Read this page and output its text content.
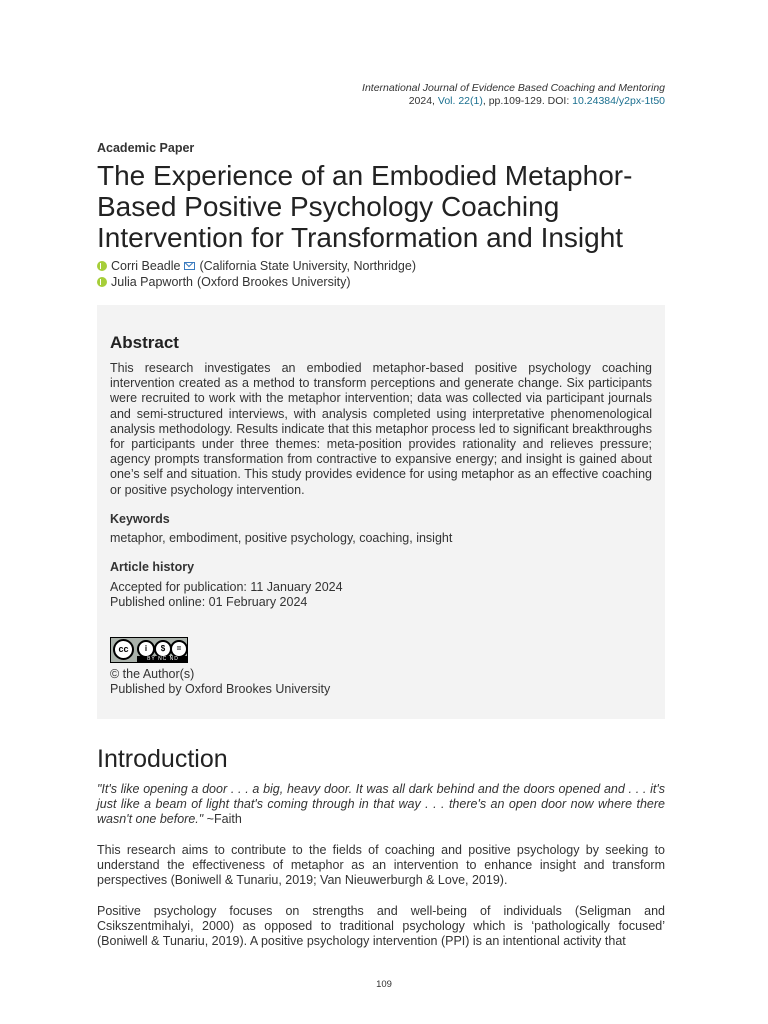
International Journal of Evidence Based Coaching and Mentoring
2024, Vol. 22(1), pp.109-129. DOI: 10.24384/y2px-1t50
Academic Paper
The Experience of an Embodied Metaphor-Based Positive Psychology Coaching Intervention for Transformation and Insight
Corri Beadle (California State University, Northridge)
Julia Papworth (Oxford Brookes University)
Abstract

This research investigates an embodied metaphor-based positive psychology coaching intervention created as a method to transform perceptions and generate change. Six participants were recruited to work with the metaphor intervention; data was collected via participant journals and semi-structured interviews, with analysis completed using interpretative phenomenological analysis methodology. Results indicate that this metaphor process led to significant breakthroughs for participants under three themes: meta-position provides rationality and relieves pressure; agency prompts transformation from contractive to expansive energy; and insight is gained about one’s self and situation. This study provides evidence for using metaphor as an effective coaching or positive psychology intervention.

Keywords
metaphor, embodiment, positive psychology, coaching, insight
Article history
Accepted for publication: 11 January 2024
Published online: 01 February 2024
cc	i	$	=
BY NC ND
© the Author(s)
Published by Oxford Brookes University
Introduction

"It's like opening a door . . . a big, heavy door. It was all dark behind and the doors opened and . . . it's just like a beam of light that's coming through in that way . . . there's an open door now where there wasn't one before." ~Faith

This research aims to contribute to the fields of coaching and positive psychology by seeking to understand the effectiveness of metaphor as an intervention to enhance insight and transform perspectives (Boniwell & Tunariu, 2019; Van Nieuwerburgh & Love, 2019).

Positive psychology focuses on strengths and well-being of individuals (Seligman and Csikszentmihalyi, 2000) as opposed to traditional psychology which is ‘pathologically focused’ (Boniwell & Tunariu, 2019). A positive psychology intervention (PPI) is an intentional activity that

109
